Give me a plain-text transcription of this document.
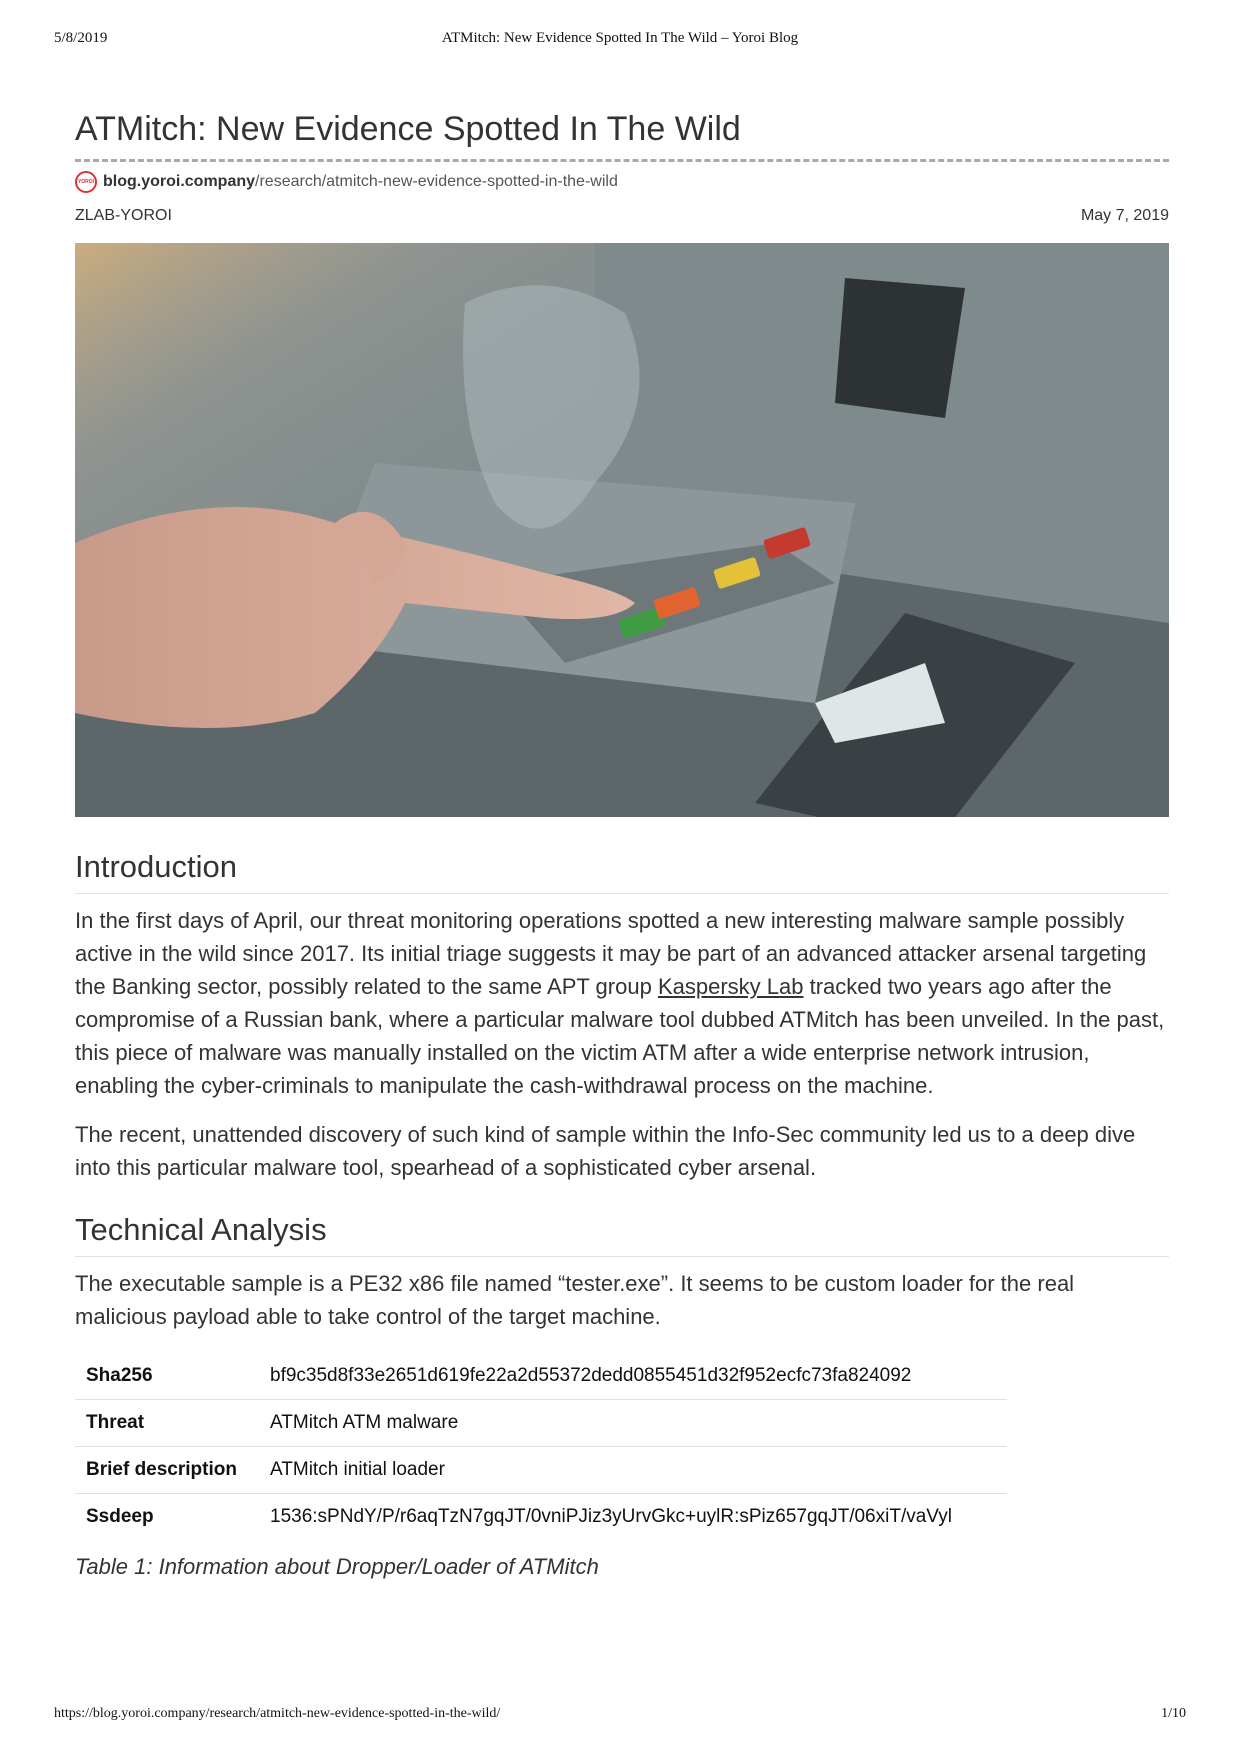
5/8/2019	ATMitch: New Evidence Spotted In The Wild – Yoroi Blog
ATMitch: New Evidence Spotted In The Wild
YOROI blog.yoroi.company /research/atmitch-new-evidence-spotted-in-the-wild
ZLAB-YOROI	May 7, 2019
Introduction

In the first days of April, our threat monitoring operations spotted a new interesting malware sample possibly active in the wild since 2017. Its initial triage suggests it may be part of an advanced attacker arsenal targeting the Banking sector, possibly related to the same APT group Kaspersky Lab tracked two years ago after the compromise of a Russian bank, where a particular malware tool dubbed ATMitch has been unveiled. In the past, this piece of malware was manually installed on the victim ATM after a wide enterprise network intrusion, enabling the cyber-criminals to manipulate the cash-withdrawal process on the machine.

The recent, unattended discovery of such kind of sample within the Info-Sec community led us to a deep dive into this particular malware tool, spearhead of a sophisticated cyber arsenal.

Technical Analysis

The executable sample is a PE32 x86 file named “tester.exe”. It seems to be custom loader for the real malicious payload able to take control of the target machine.

Sha256	bf9c35d8f33e2651d619fe22a2d55372dedd0855451d32f952ecfc73fa824092
Threat	ATMitch ATM malware
Brief description	ATMitch initial loader
Ssdeep	1536:sPNdY/P/r6aqTzN7gqJT/0vniPJiz3yUrvGkc+uylR:sPiz657gqJT/06xiT/vaVyl

Table 1: Information about Dropper/Loader of ATMitch

https://blog.yoroi.company/research/atmitch-new-evidence-spotted-in-the-wild/	1/10
